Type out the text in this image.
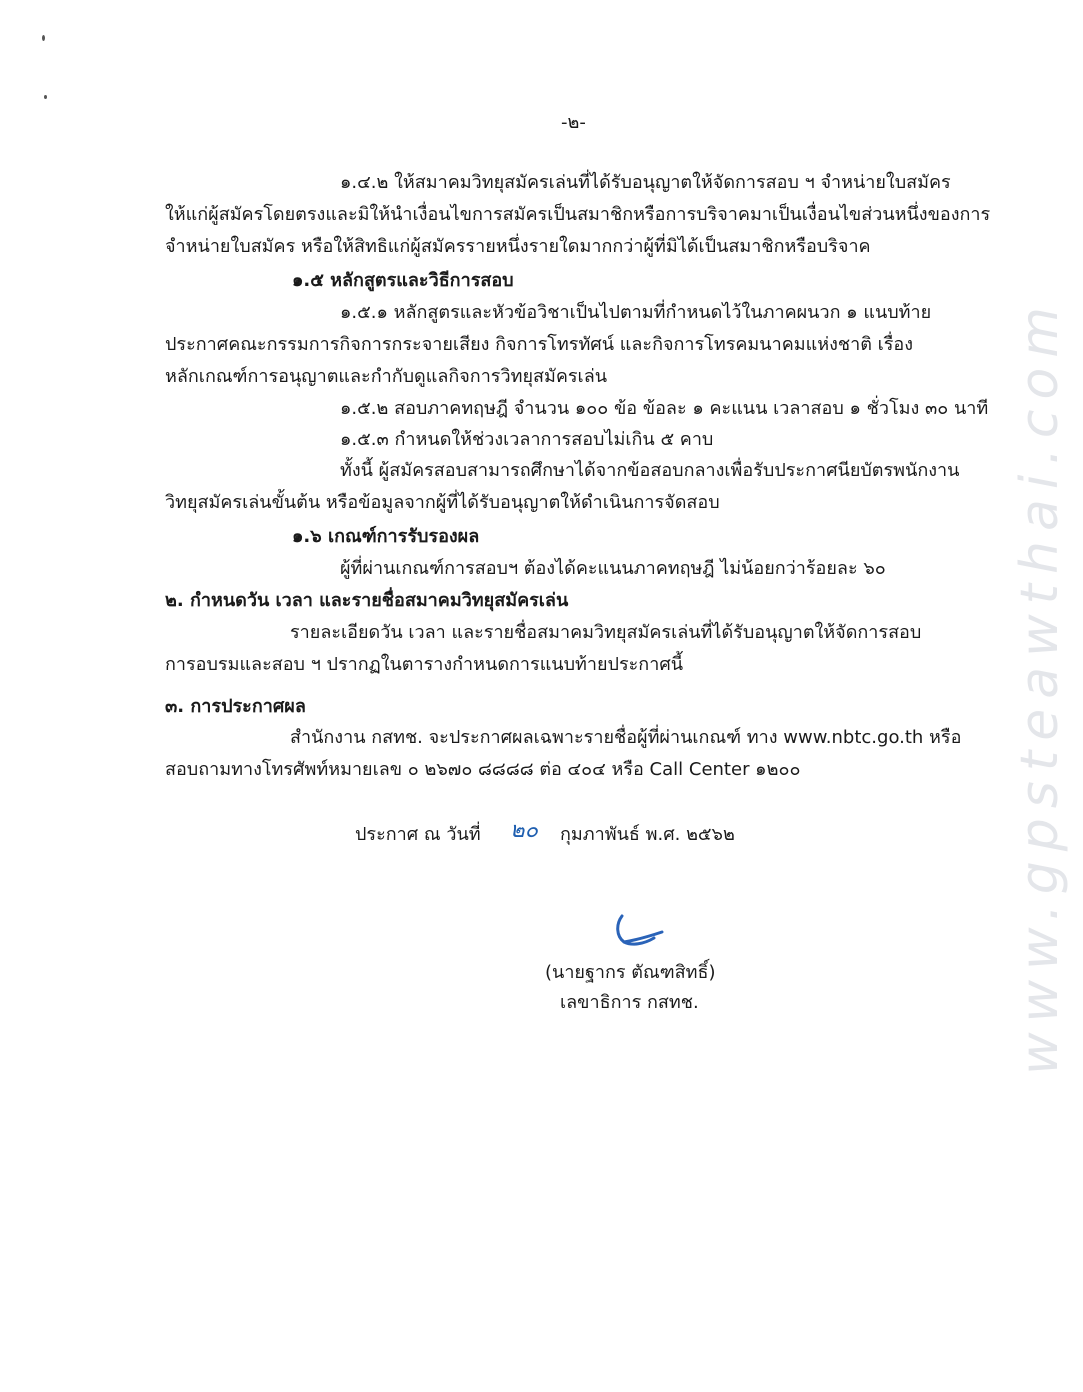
www.gpsteawthai.com
-๒-
๑.๔.๒ ให้สมาคมวิทยุสมัครเล่นที่ได้รับอนุญาตให้จัดการสอบ ฯ จำหน่ายใบสมัคร
ให้แก่ผู้สมัครโดยตรงและมิให้นำเงื่อนไขการสมัครเป็นสมาชิกหรือการบริจาคมาเป็นเงื่อนไขส่วนหนึ่งของการ
จำหน่ายใบสมัคร หรือให้สิทธิแก่ผู้สมัครรายหนึ่งรายใดมากกว่าผู้ที่มิได้เป็นสมาชิกหรือบริจาค
๑.๕ หลักสูตรและวิธีการสอบ
๑.๕.๑ หลักสูตรและหัวข้อวิชาเป็นไปตามที่กำหนดไว้ในภาคผนวก ๑ แนบท้าย
ประกาศคณะกรรมการกิจการกระจายเสียง กิจการโทรทัศน์ และกิจการโทรคมนาคมแห่งชาติ เรื่อง
หลักเกณฑ์การอนุญาตและกำกับดูแลกิจการวิทยุสมัครเล่น
๑.๕.๒ สอบภาคทฤษฎี จำนวน ๑๐๐ ข้อ ข้อละ ๑ คะแนน เวลาสอบ ๑ ชั่วโมง ๓๐ นาที
๑.๕.๓ กำหนดให้ช่วงเวลาการสอบไม่เกิน ๕ คาบ
ทั้งนี้ ผู้สมัครสอบสามารถศึกษาได้จากข้อสอบกลางเพื่อรับประกาศนียบัตรพนักงาน
วิทยุสมัครเล่นขั้นต้น หรือข้อมูลจากผู้ที่ได้รับอนุญาตให้ดำเนินการจัดสอบ
๑.๖ เกณฑ์การรับรองผล
ผู้ที่ผ่านเกณฑ์การสอบฯ ต้องได้คะแนนภาคทฤษฎี ไม่น้อยกว่าร้อยละ ๖๐
๒. กำหนดวัน เวลา และรายชื่อสมาคมวิทยุสมัครเล่น
รายละเอียดวัน เวลา และรายชื่อสมาคมวิทยุสมัครเล่นที่ได้รับอนุญาตให้จัดการสอบ
การอบรมและสอบ ฯ ปรากฏในตารางกำหนดการแนบท้ายประกาศนี้
๓. การประกาศผล
สำนักงาน กสทช. จะประกาศผลเฉพาะรายชื่อผู้ที่ผ่านเกณฑ์ ทาง www.nbtc.go.th หรือ
สอบถามทางโทรศัพท์หมายเลข ๐ ๒๖๗๐ ๘๘๘๘ ต่อ ๔๐๔ หรือ Call Center ๑๒๐๐
ประกาศ ณ วันที่ ๒๐ กุมภาพันธ์ พ.ศ. ๒๕๖๒
(นายฐากร ตัณฑสิทธิ์)
เลขาธิการ กสทช.
